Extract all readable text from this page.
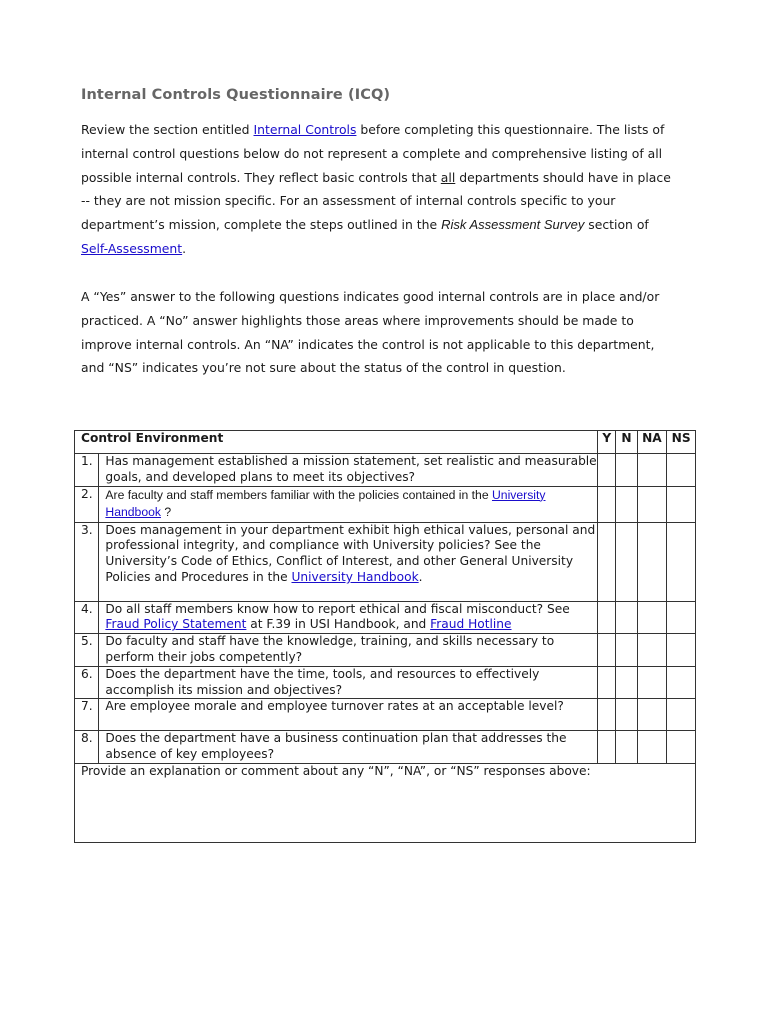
Internal Controls Questionnaire (ICQ)
Review the section entitled Internal Controls before completing this questionnaire. The lists of
internal control questions below do not represent a complete and comprehensive listing of all
possible internal controls. They reflect basic controls that all departments should have in place
-- they are not mission specific. For an assessment of internal controls specific to your
department’s mission, complete the steps outlined in the Risk Assessment Survey section of
Self-Assessment.
A “Yes” answer to the following questions indicates good internal controls are in place and/or
practiced. A “No” answer highlights those areas where improvements should be made to
improve internal controls. An “NA” indicates the control is not applicable to this department,
and “NS” indicates you’re not sure about the status of the control in question.
Control Environment		Y	N	NA	NS
1.	Has management established a mission statement, set realistic and measurable goals, and developed plans to meet its objectives?				
2.	Are faculty and staff members familiar with the policies contained in the University Handbook ?				
3.	Does management in your department exhibit high ethical values, personal and professional integrity, and compliance with University policies? See the University’s Code of Ethics, Conflict of Interest, and other General University Policies and Procedures in the University Handbook.				
4.	Do all staff members know how to report ethical and fiscal misconduct? See Fraud Policy Statement at F.39 in USI Handbook, and Fraud Hotline				
5.	Do faculty and staff have the knowledge, training, and skills necessary to perform their jobs competently?				
6.	Does the department have the time, tools, and resources to effectively accomplish its mission and objectives?				
7.	Are employee morale and employee turnover rates at an acceptable level?				
8.	Does the department have a business continuation plan that addresses the absence of key employees?				
Provide an explanation or comment about any “N”, “NA”, or “NS” responses above:					
